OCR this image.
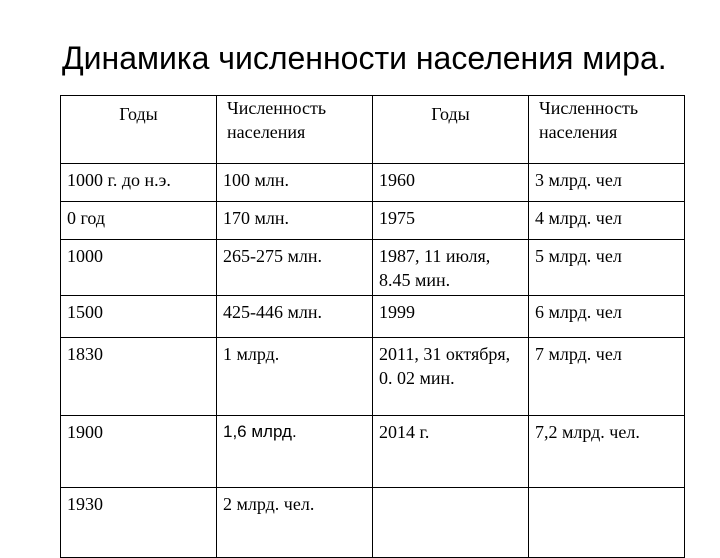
Динамика численности населения мира.
Годы	Численность населения	Годы	Численность населения
1000 г. до н.э.	100 млн.	1960	3 млрд. чел
0 год	170 млн.	1975	4 млрд. чел
1000	265-275 млн.	1987, 11 июля, 8.45 мин.	5 млрд. чел
1500	425-446 млн.	1999	6 млрд. чел
1830	1 млрд.	2011, 31 октября, 0. 02 мин.	7 млрд. чел
1900	1,6 млрд.	2014 г.	7,2 млрд. чел.
1930	2 млрд. чел.		
